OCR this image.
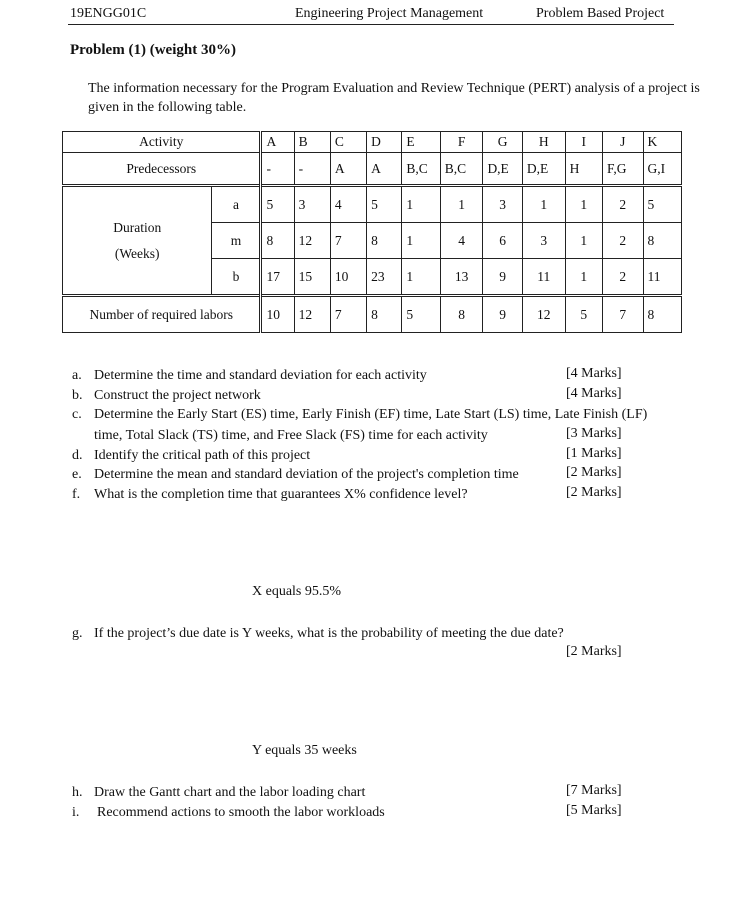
19ENGG01C	Engineering Project Management	Problem Based Project
Problem (1) (weight 30%)
The information necessary for the Program Evaluation and Review Technique (PERT) analysis of a project is given in the following table.
Activity		A	B	C	D	E	F	G	H	I	J	K
Predecessors		-	-	A	A	B,C	B,C	D,E	D,E	H	F,G	G,I

Duration
(Weeks)	a	5	3	4	5	1	1	3	1	1	2	5
	m	8	12	7	8	1	4	6	3	1	2	8
	b	17	15	10	23	1	13	9	11	1	2	11
Number of required labors		10	12	7	8	5	8	9	12	5	7	8
a. Determine the time and standard deviation for each activity	[4 Marks]
b. Construct the project network	[4 Marks]
c. Determine the Early Start (ES) time, Early Finish (EF) time, Late Start (LS) time, Late Finish (LF)
time, Total Slack (TS) time, and Free Slack (FS) time for each activity	[3 Marks]
d. Identify the critical path of this project	[1 Marks]
e. Determine the mean and standard deviation of the project's completion time	[2 Marks]
f. What is the completion time that guarantees X% confidence level?	[2 Marks]
X equals 95.5%
g. If the project’s due date is Y weeks, what is the probability of meeting the due date?
[2 Marks]
Y equals 35 weeks
h. Draw the Gantt chart and the labor loading chart	[7 Marks]
i. Recommend actions to smooth the labor workloads	[5 Marks]
